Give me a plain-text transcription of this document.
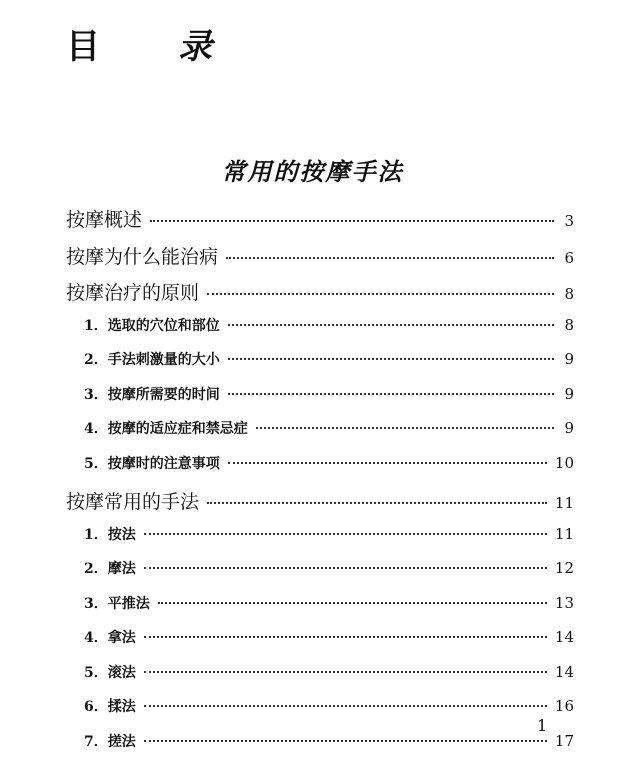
目 录
常用的按摩手法
按摩概述	3
按摩为什么能治病	6
按摩治疗的原则	8
1．选取的穴位和部位	8
2．手法刺激量的大小	9
3．按摩所需要的时间	9
4．按摩的适应症和禁忌症	9
5．按摩时的注意事项	10
按摩常用的手法	11
1．按法	11
2．摩法	12
3．平推法	13
4．拿法	14
5．滚法	14
6．揉法	16
7．搓法	17
1
